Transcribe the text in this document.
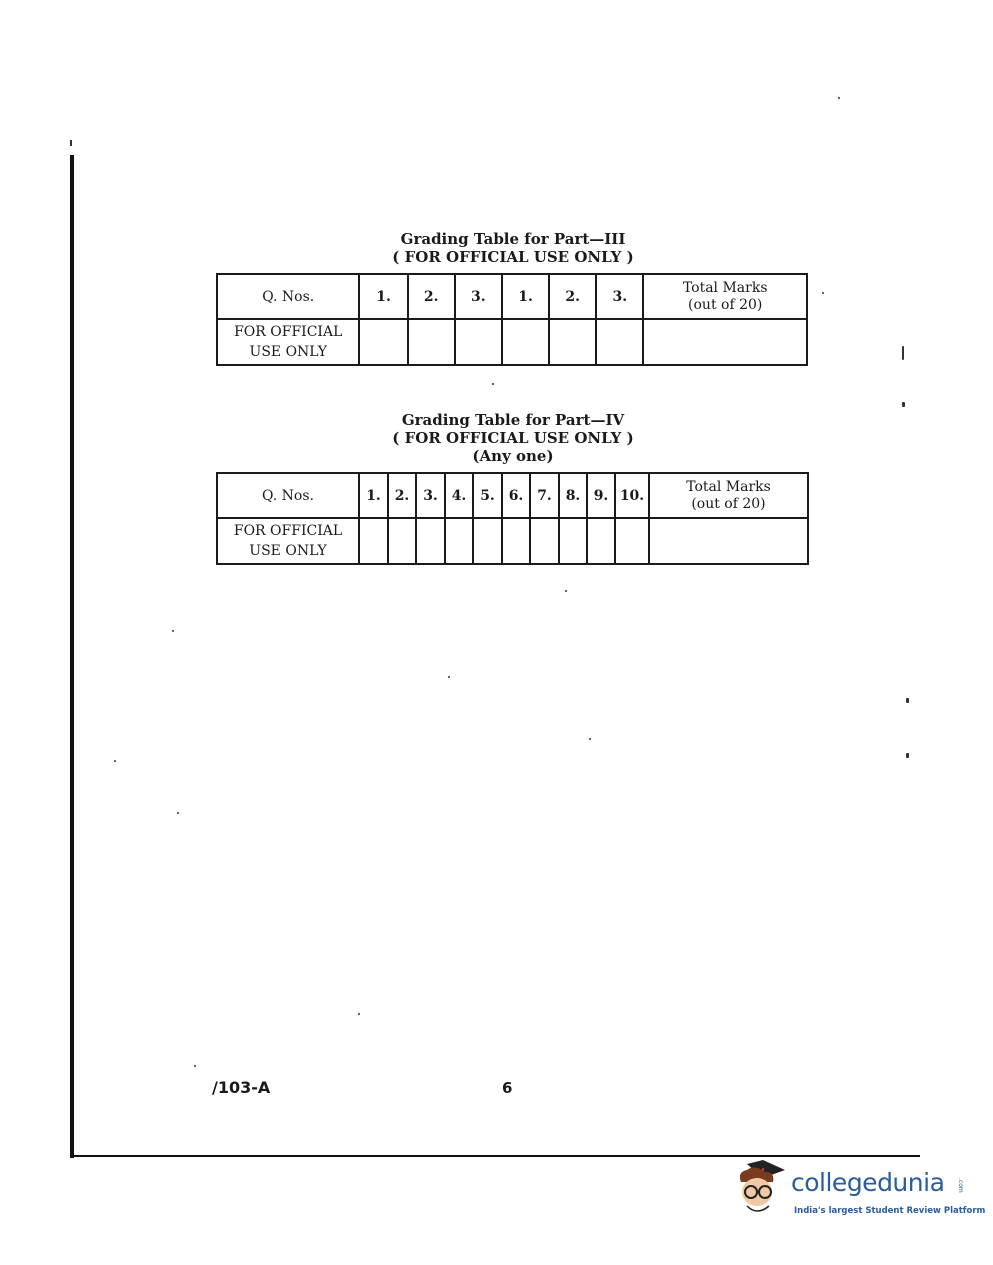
Grading Table for Part—III
( FOR OFFICIAL USE ONLY )
Q. Nos.	1.	2.	3.	1.	2.	3.	Total Marks
(out of 20)

FOR OFFICIAL
USE ONLY							

Grading Table for Part—IV
( FOR OFFICIAL USE ONLY )
(Any one)
Q. Nos.	1.	2.	3.	4.	5.	6.	7.	8.	9.	10.	Total Marks
(out of 20)

FOR OFFICIAL
USE ONLY											

/103-A	6
collegedunia .com
India's largest Student Review Platform
